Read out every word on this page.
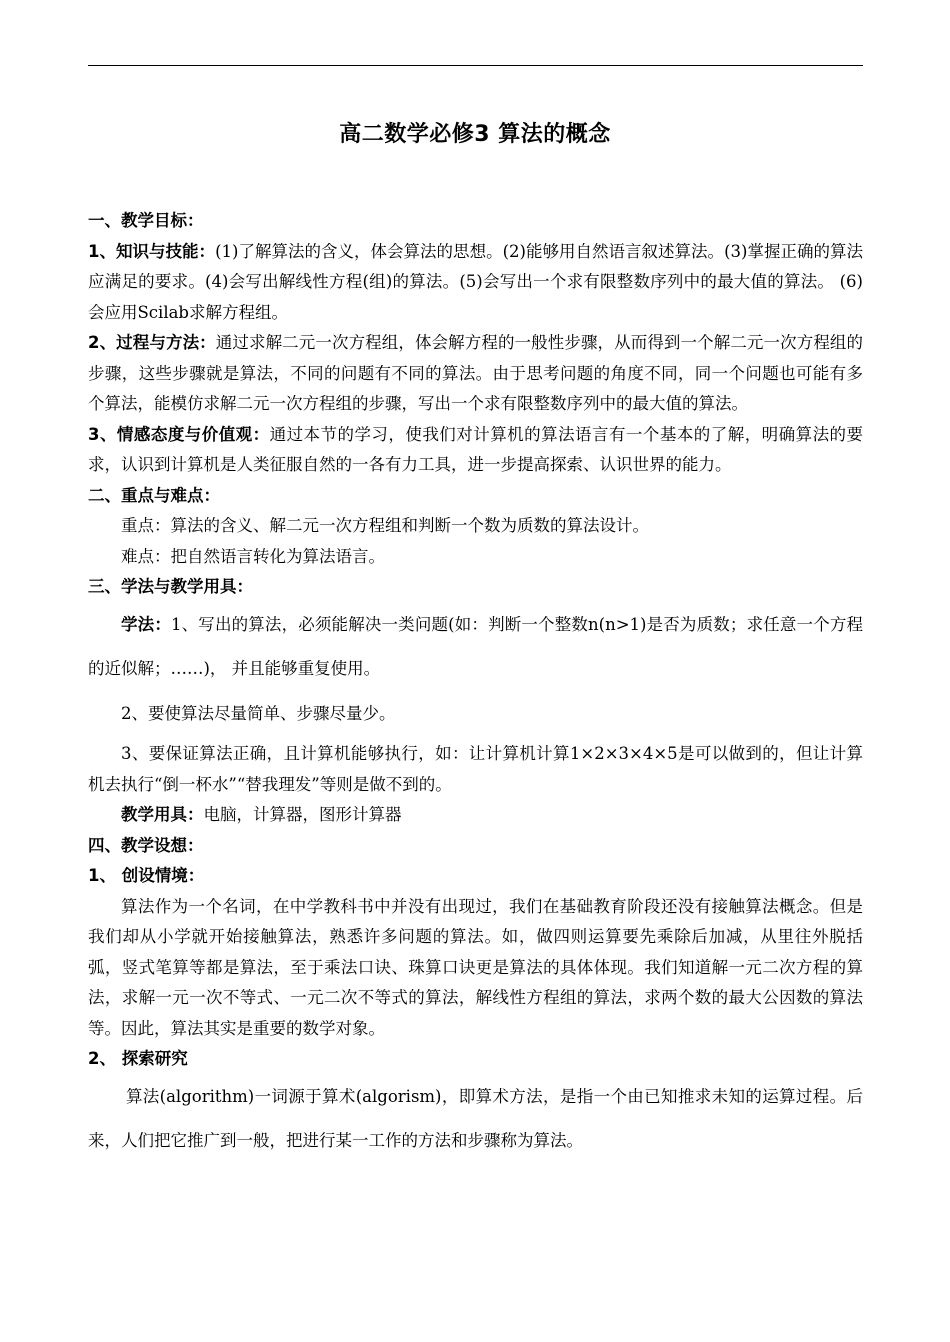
高二数学必修3 算法的概念

一、教学目标：

1、知识与技能：(1)了解算法的含义，体会算法的思想。(2)能够用自然语言叙述算法。(3)掌握正确的算法应满足的要求。(4)会写出解线性方程(组)的算法。(5)会写出一个求有限整数序列中的最大值的算法。 (6) 会应用Scilab求解方程组。

2、过程与方法：通过求解二元一次方程组，体会解方程的一般性步骤，从而得到一个解二元一次方程组的步骤，这些步骤就是算法，不同的问题有不同的算法。由于思考问题的角度不同，同一个问题也可能有多个算法，能模仿求解二元一次方程组的步骤，写出一个求有限整数序列中的最大值的算法。

3、情感态度与价值观：通过本节的学习，使我们对计算机的算法语言有一个基本的了解，明确算法的要求，认识到计算机是人类征服自然的一各有力工具，进一步提高探索、认识世界的能力。

二、重点与难点：

重点：算法的含义、解二元一次方程组和判断一个数为质数的算法设计。

难点：把自然语言转化为算法语言。

三、学法与教学用具：

学法：1、写出的算法，必须能解决一类问题(如：判断一个整数n(n>1)是否为质数；求任意一个方程的近似解；……)， 并且能够重复使用。

2、要使算法尽量简单、步骤尽量少。

3、要保证算法正确，且计算机能够执行，如：让计算机计算1×2×3×4×5是可以做到的，但让计算机去执行“倒一杯水”“替我理发”等则是做不到的。

教学用具：电脑，计算器，图形计算器

四、教学设想：

1、 创设情境：

算法作为一个名词，在中学教科书中并没有出现过，我们在基础教育阶段还没有接触算法概念。但是我们却从小学就开始接触算法，熟悉许多问题的算法。如，做四则运算要先乘除后加减，从里往外脱括弧，竖式笔算等都是算法，至于乘法口诀、珠算口诀更是算法的具体体现。我们知道解一元二次方程的算法，求解一元一次不等式、一元二次不等式的算法，解线性方程组的算法，求两个数的最大公因数的算法等。因此，算法其实是重要的数学对象。

2、 探索研究

算法(algorithm)一词源于算术(algorism)，即算术方法，是指一个由已知推求未知的运算过程。后来，人们把它推广到一般，把进行某一工作的方法和步骤称为算法。
